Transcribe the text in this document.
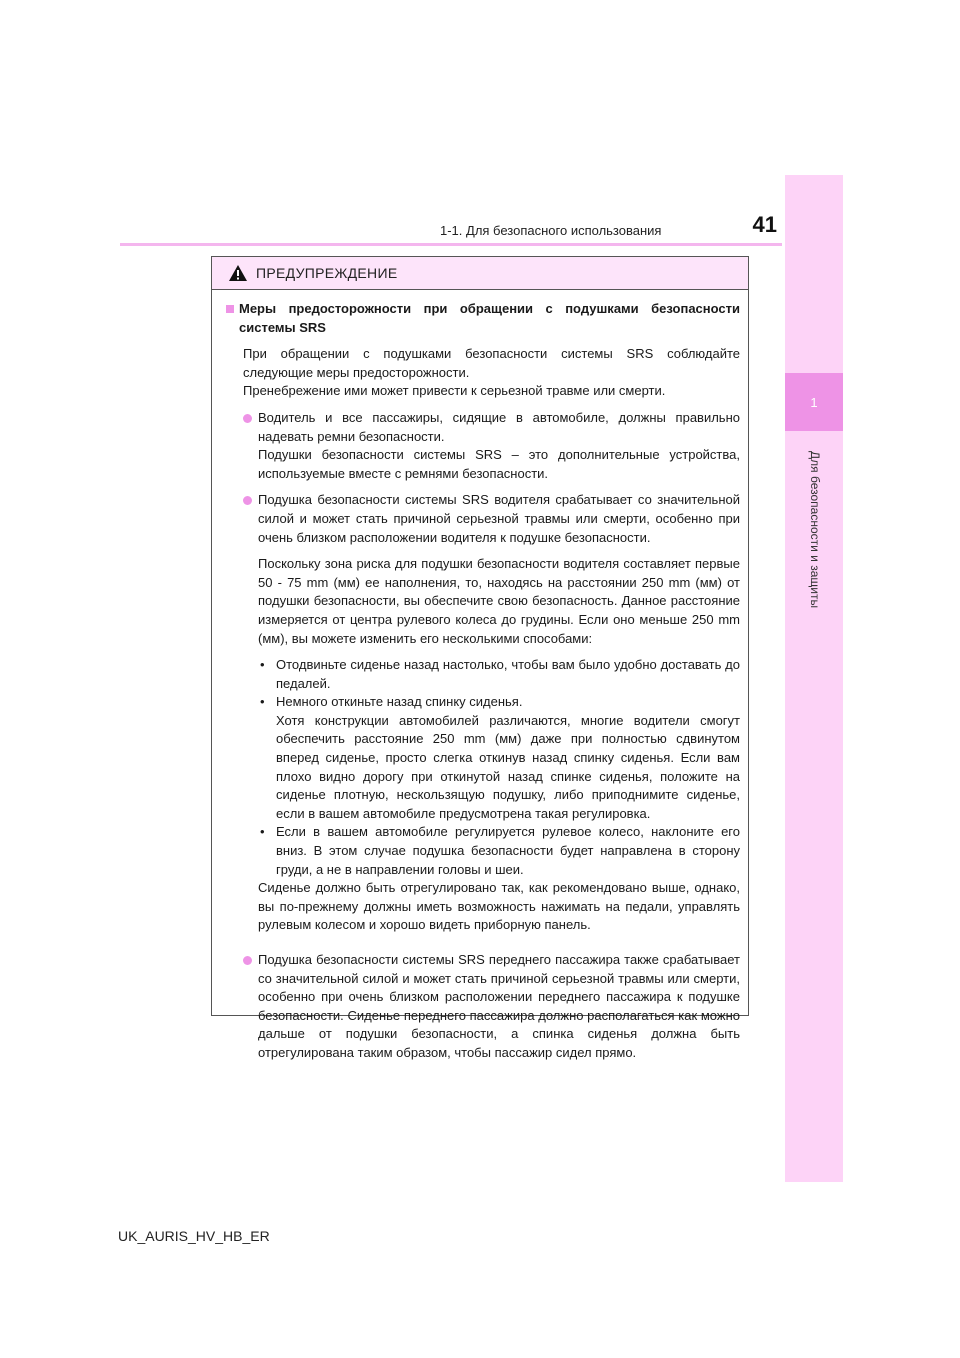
1-1. Для безопасного использования	41
1
Для безопасности и защиты
ПРЕДУПРЕЖДЕНИЕ
Меры предосторожности при обращении с подушками безопасности системы SRS

При обращении с подушками безопасности системы SRS соблюдайте следующие меры предосторожности.
Пренебрежение ими может привести к серьезной травме или смерти.

Водитель и все пассажиры, сидящие в автомобиле, должны правильно надевать ремни безопасности.
Подушки безопасности системы SRS – это дополнительные устройства, используемые вместе с ремнями безопасности.

Подушка безопасности системы SRS водителя срабатывает со значительной силой и может стать причиной серьезной травмы или смерти, особенно при очень близком расположении водителя к подушке безопасности.

Поскольку зона риска для подушки безопасности водителя составляет первые 50 - 75 mm (мм) ее наполнения, то, находясь на расстоянии 250 mm (мм) от подушки безопасности, вы обеспечите свою безопасность. Данное расстояние измеряется от центра рулевого колеса до грудины. Если оно меньше 250 mm (мм), вы можете изменить его несколькими способами:

• Отодвиньте сиденье назад настолько, чтобы вам было удобно доставать до педалей.
• Немного откиньте назад спинку сиденья.
Хотя конструкции автомобилей различаются, многие водители смогут обеспечить расстояние 250 mm (мм) даже при полностью сдвинутом вперед сиденье, просто слегка откинув назад спинку сиденья. Если вам плохо видно дорогу при откинутой назад спинке сиденья, положите на сиденье плотную, нескользящую подушку, либо приподнимите сиденье, если в вашем автомобиле предусмотрена такая регулировка.
• Если в вашем автомобиле регулируется рулевое колесо, наклоните его вниз. В этом случае подушка безопасности будет направлена в сторону груди, а не в направлении головы и шеи.

Сиденье должно быть отрегулировано так, как рекомендовано выше, однако, вы по-прежнему должны иметь возможность нажимать на педали, управлять рулевым колесом и хорошо видеть приборную панель.

Подушка безопасности системы SRS переднего пассажира также срабатывает со значительной силой и может стать причиной серьезной травмы или смерти, особенно при очень близком расположении переднего пассажира к подушке безопасности. Сиденье переднего пассажира должно располагаться как можно дальше от подушки безопасности, а спинка сиденья должна быть отрегулирована таким образом, чтобы пассажир сидел прямо.
UK_AURIS_HV_HB_ER
